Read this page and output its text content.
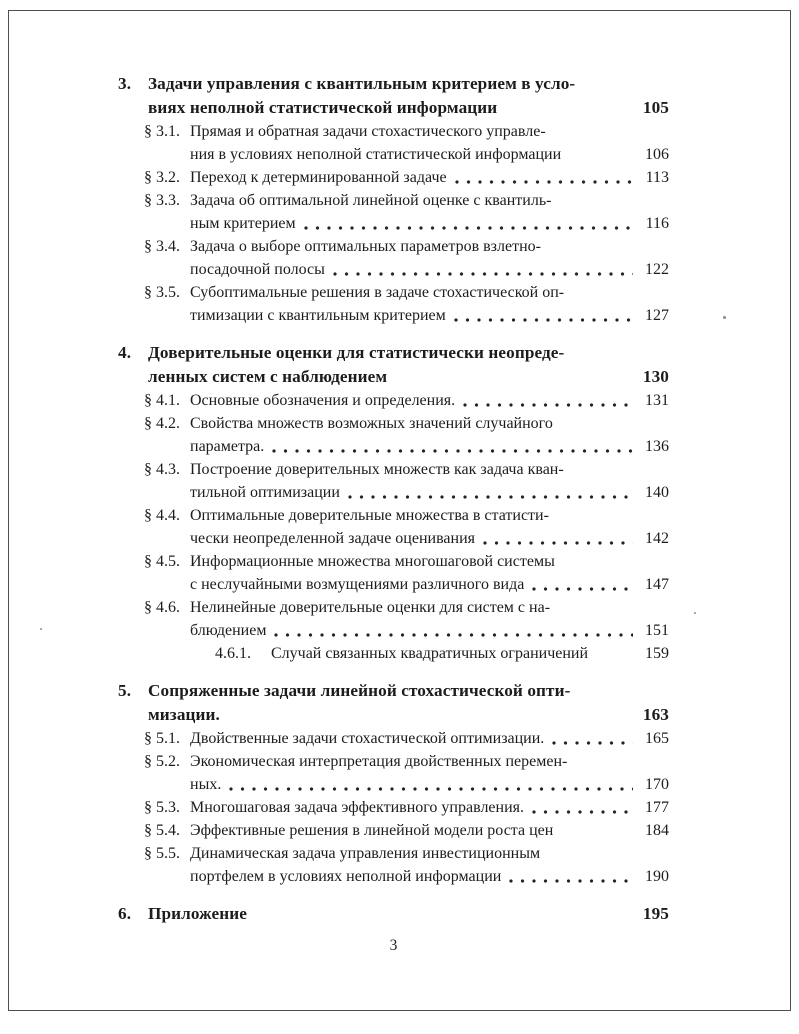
3. Задачи управления с квантильным критерием в усло-
виях неполной статистической информации	105
§ 3.1. Прямая и обратная задачи стохастического управле-
ния в условиях неполной статистической информации	106
§ 3.2. Переход к детерминированной задаче	113
§ 3.3. Задача об оптимальной линейной оценке с квантиль-
ным критерием	116
§ 3.4. Задача о выборе оптимальных параметров взлетно-
посадочной полосы	122
§ 3.5. Субоптимальные решения в задаче стохастической оп-
тимизации с квантильным критерием	127
4. Доверительные оценки для статистически неопреде-
ленных систем с наблюдением	130
§ 4.1. Основные обозначения и определения.	131
§ 4.2. Свойства множеств возможных значений случайного
параметра.	136
§ 4.3. Построение доверительных множеств как задача кван-
тильной оптимизации	140
§ 4.4. Оптимальные доверительные множества в статисти-
чески неопределенной задаче оценивания	142
§ 4.5. Информационные множества многошаговой системы
с неслучайными возмущениями различного вида	147
§ 4.6. Нелинейные доверительные оценки для систем с на-
блюдением	151
4.6.1.	Случай связанных квадратичных ограничений	159
5. Сопряженные задачи линейной стохастической опти-
мизации.	163
§ 5.1. Двойственные задачи стохастической оптимизации.	165
§ 5.2. Экономическая интерпретация двойственных перемен-
ных.	170
§ 5.3. Многошаговая задача эффективного управления.	177
§ 5.4. Эффективные решения в линейной модели роста цен	184
§ 5.5. Динамическая задача управления инвестиционным
портфелем в условиях неполной информации	190
6. Приложение	195
3
